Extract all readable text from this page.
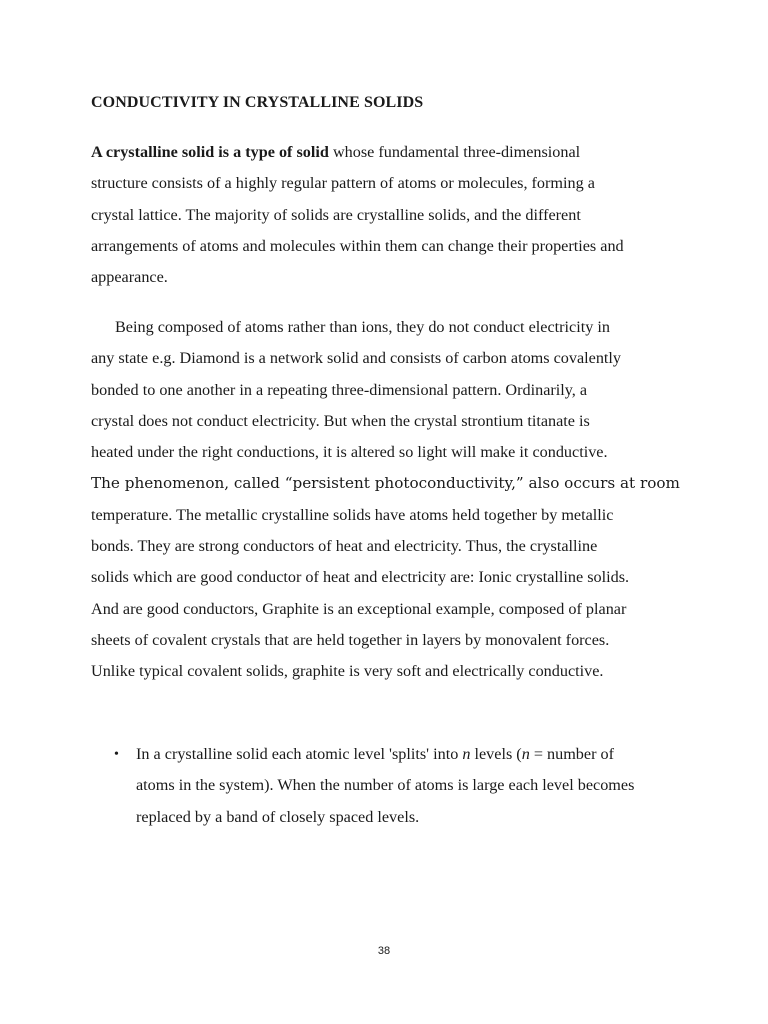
CONDUCTIVITY IN CRYSTALLINE SOLIDS

A crystalline solid is a type of solid whose fundamental three-dimensional
structure consists of a highly regular pattern of atoms or molecules, forming a
crystal lattice. The majority of solids are crystalline solids, and the different
arrangements of atoms and molecules within them can change their properties and
appearance.

Being composed of atoms rather than ions, they do not conduct electricity in
any state e.g. Diamond is a network solid and consists of carbon atoms covalently
bonded to one another in a repeating three-dimensional pattern. Ordinarily, a
crystal does not conduct electricity. But when the crystal strontium titanate is
heated under the right conductions, it is altered so light will make it conductive.
The phenomenon, called “persistent photoconductivity,” also occurs at room
temperature. The metallic crystalline solids have atoms held together by metallic
bonds. They are strong conductors of heat and electricity. Thus, the crystalline
solids which are good conductor of heat and electricity are: Ionic crystalline solids.
And are good conductors, Graphite is an exceptional example, composed of planar
sheets of covalent crystals that are held together in layers by monovalent forces.
Unlike typical covalent solids, graphite is very soft and electrically conductive.

• In a crystalline solid each atomic level 'splits' into n levels (n = number of
atoms in the system). When the number of atoms is large each level becomes
replaced by a band of closely spaced levels.

38
